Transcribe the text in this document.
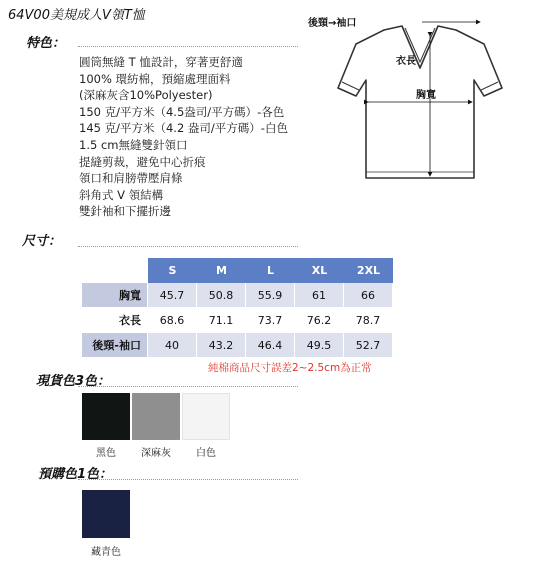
64V00美規成人V領T恤
特色：
圓筒無縫 T 恤設計，穿著更舒適
100% 環紡棉，預縮處理面料
(深麻灰含10%Polyester)
150 克/平方米（4.5盎司/平方碼）-各色
145 克/平方米（4.2 盎司/平方碼）-白色
1.5 cm無縫雙針領口
提縫剪裁，避免中心折痕
領口和肩膀帶壓肩條
斜角式 V 領結構
雙針袖和下擺折邊
後頸→袖口
衣長
胸寬
尺寸：
	S	M	L	XL	2XL
胸寬	45.7	50.8	55.9	61	66
衣長	68.6	71.1	73.7	76.2	78.7
後頸-袖口	40	43.2	46.4	49.5	52.7
純棉商品尺寸誤差2~2.5cm為正常
現貨色3色：
黑色	深麻灰	白色
預購色1色：
藏青色
